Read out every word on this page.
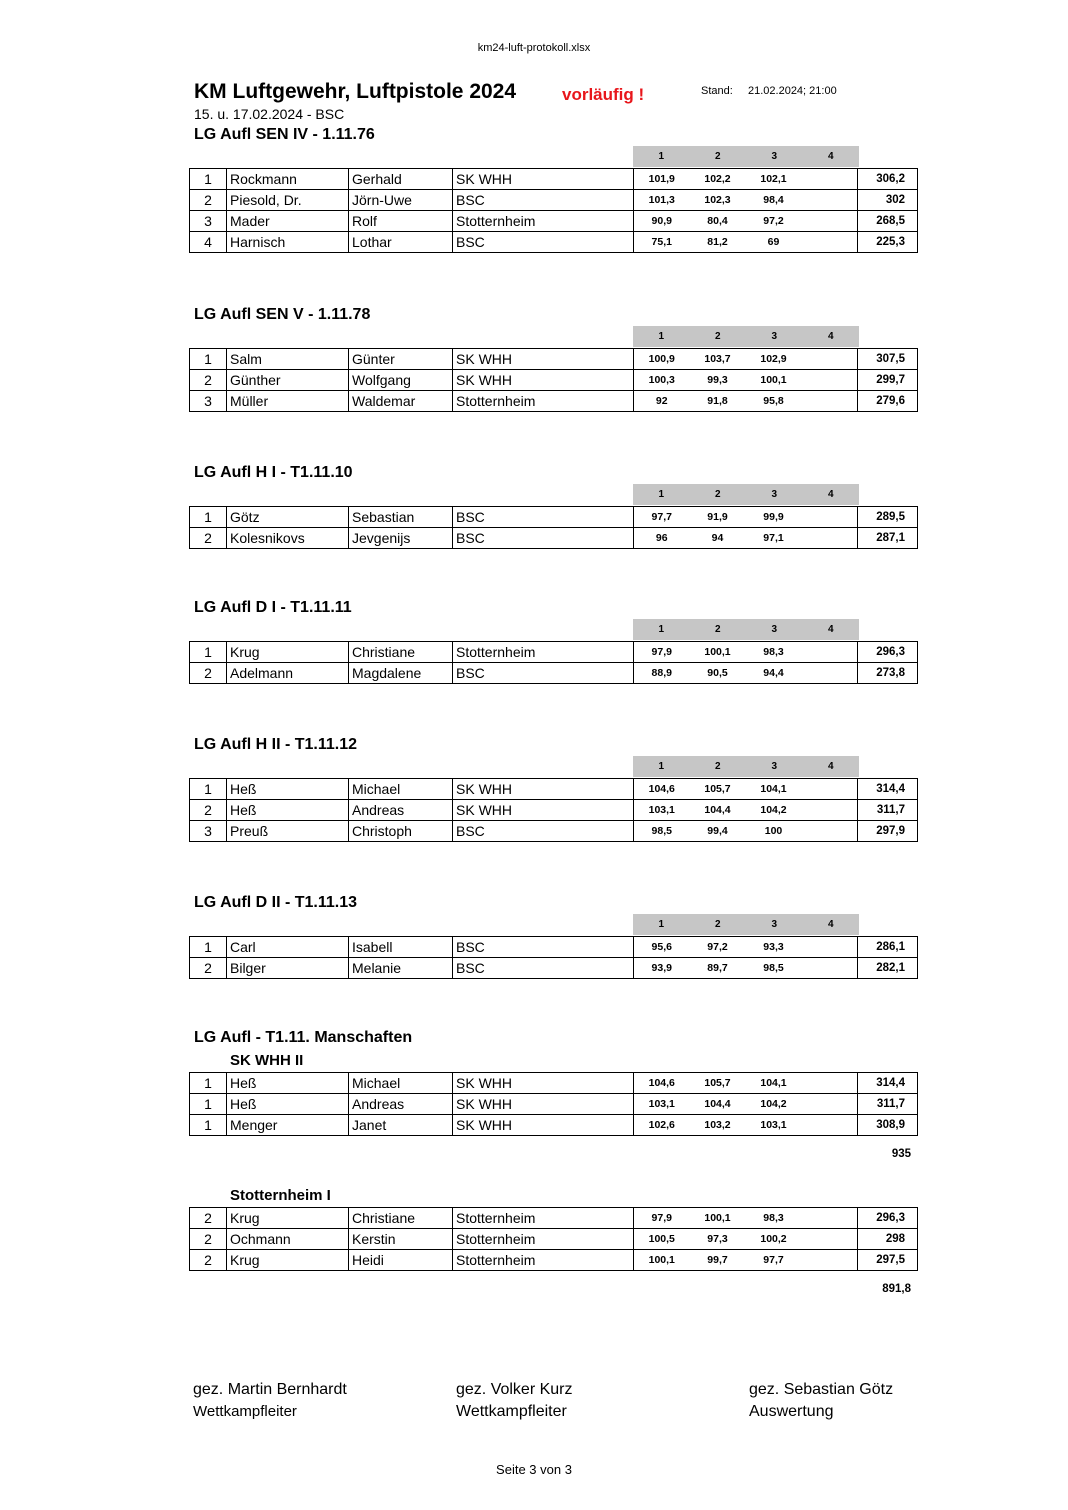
km24-luft-protokoll.xlsx
KM Luftgewehr, Luftpistole 2024	vorläufig !	Stand: 21.02.2024; 21:00
15. u. 17.02.2024 - BSC
LG Aufl SEN IV - 1.11.76
1	2	3	4
1	Rockmann	Gerhald	SK WHH	101,9	102,2	102,1		306,2
2	Piesold, Dr.	Jörn-Uwe	BSC	101,3	102,3	98,4		302
3	Mader	Rolf	Stotternheim	90,9	80,4	97,2		268,5
4	Harnisch	Lothar	BSC	75,1	81,2	69		225,3
LG Aufl SEN V - 1.11.78
1	2	3	4
1	Salm	Günter	SK WHH	100,9	103,7	102,9		307,5
2	Günther	Wolfgang	SK WHH	100,3	99,3	100,1		299,7
3	Müller	Waldemar	Stotternheim	92	91,8	95,8		279,6
LG Aufl H I - T1.11.10
1	2	3	4
1	Götz	Sebastian	BSC	97,7	91,9	99,9		289,5
2	Kolesnikovs	Jevgenijs	BSC	96	94	97,1		287,1
LG Aufl D I - T1.11.11
1	2	3	4
1	Krug	Christiane	Stotternheim	97,9	100,1	98,3		296,3
2	Adelmann	Magdalene	BSC	88,9	90,5	94,4		273,8
LG Aufl H II - T1.11.12
1	2	3	4
1	Heß	Michael	SK WHH	104,6	105,7	104,1		314,4
2	Heß	Andreas	SK WHH	103,1	104,4	104,2		311,7
3	Preuß	Christoph	BSC	98,5	99,4	100		297,9
LG Aufl D II - T1.11.13
1	2	3	4
1	Carl	Isabell	BSC	95,6	97,2	93,3		286,1
2	Bilger	Melanie	BSC	93,9	89,7	98,5		282,1
LG Aufl - T1.11. Manschaften
SK WHH II
1	Heß	Michael	SK WHH	104,6	105,7	104,1		314,4
1	Heß	Andreas	SK WHH	103,1	104,4	104,2		311,7
1	Menger	Janet	SK WHH	102,6	103,2	103,1		308,9
935
Stotternheim I
2	Krug	Christiane	Stotternheim	97,9	100,1	98,3		296,3
2	Ochmann	Kerstin	Stotternheim	100,5	97,3	100,2		298
2	Krug	Heidi	Stotternheim	100,1	99,7	97,7		297,5
891,8
gez. Martin Bernhardt
Wettkampfleiter
gez. Volker Kurz
Wettkampfleiter
gez. Sebastian Götz
Auswertung
Seite 3 von 3
